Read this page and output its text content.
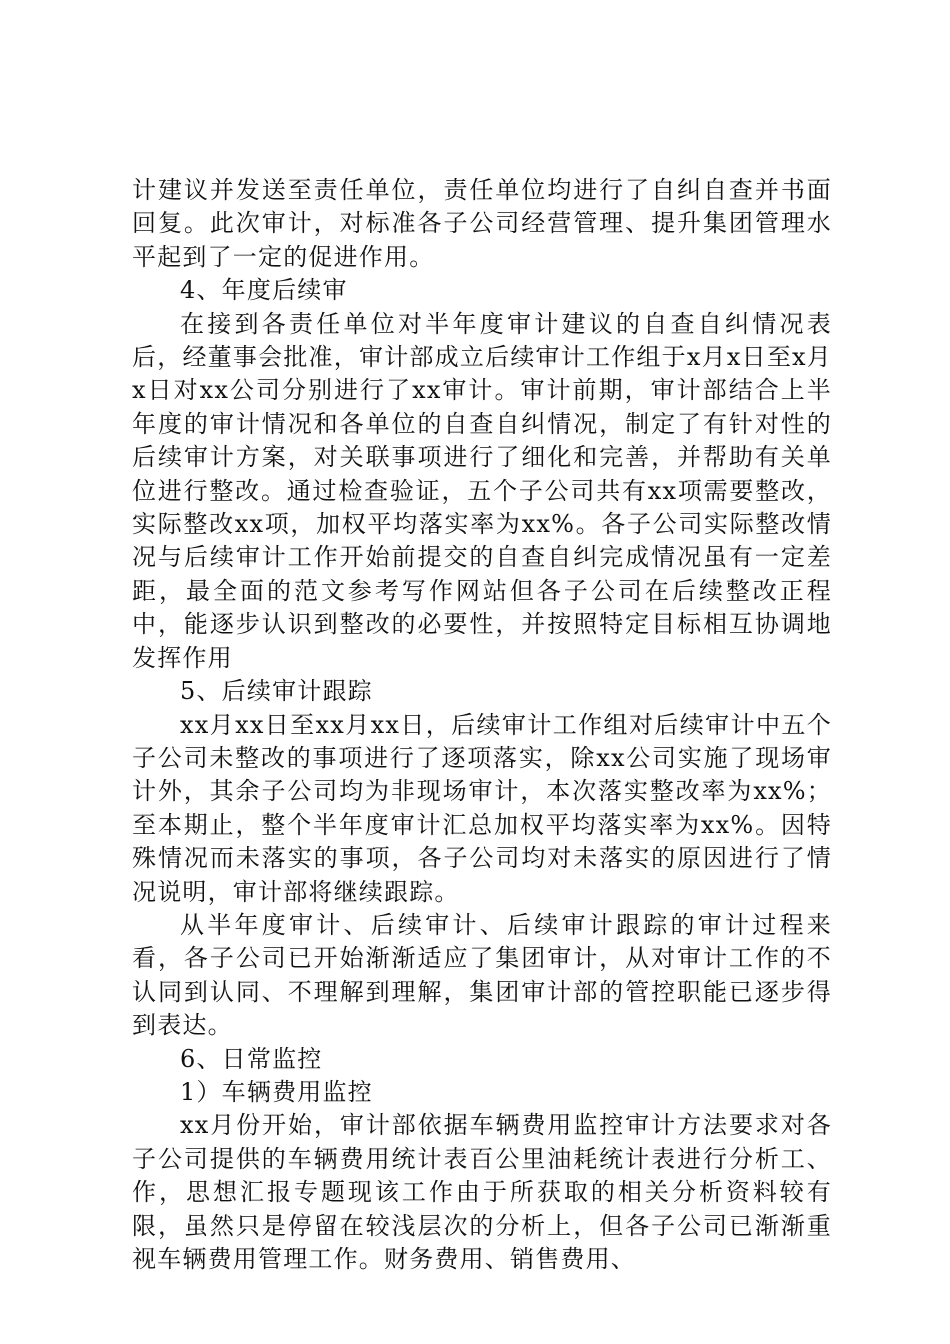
计建议并发送至责任单位，责任单位均进行了自纠自查并书面回复。此次审计，对标准各子公司经营管理、提升集团管理水平起到了一定的促进作用。

4、年度后续审

在接到各责任单位对半年度审计建议的自查自纠情况表后，经董事会批准，审计部成立后续审计工作组于x月x日至x月x日对xx公司分别进行了xx审计。审计前期，审计部结合上半年度的审计情况和各单位的自查自纠情况，制定了有针对性的后续审计方案，对关联事项进行了细化和完善，并帮助有关单位进行整改。通过检查验证，五个子公司共有xx项需要整改，实际整改xx项，加权平均落实率为xx%。各子公司实际整改情况与后续审计工作开始前提交的自查自纠完成情况虽有一定差距，最全面的范文参考写作网站但各子公司在后续整改正程中，能逐步认识到整改的必要性，并按照特定目标相互协调地发挥作用

5、后续审计跟踪

xx月xx日至xx月xx日，后续审计工作组对后续审计中五个子公司未整改的事项进行了逐项落实，除xx公司实施了现场审计外，其余子公司均为非现场审计，本次落实整改率为xx%；至本期止，整个半年度审计汇总加权平均落实率为xx%。因特殊情况而未落实的事项，各子公司均对未落实的原因进行了情况说明，审计部将继续跟踪。

从半年度审计、后续审计、后续审计跟踪的审计过程来看，各子公司已开始渐渐适应了集团审计，从对审计工作的不认同到认同、不理解到理解，集团审计部的管控职能已逐步得到表达。

6、日常监控

1）车辆费用监控

xx月份开始，审计部依据车辆费用监控审计方法要求对各子公司提供的车辆费用统计表百公里油耗统计表进行分析工、作，思想汇报专题现该工作由于所获取的相关分析资料较有限，虽然只是停留在较浅层次的分析上，但各子公司已渐渐重视车辆费用管理工作。财务费用、销售费用、
